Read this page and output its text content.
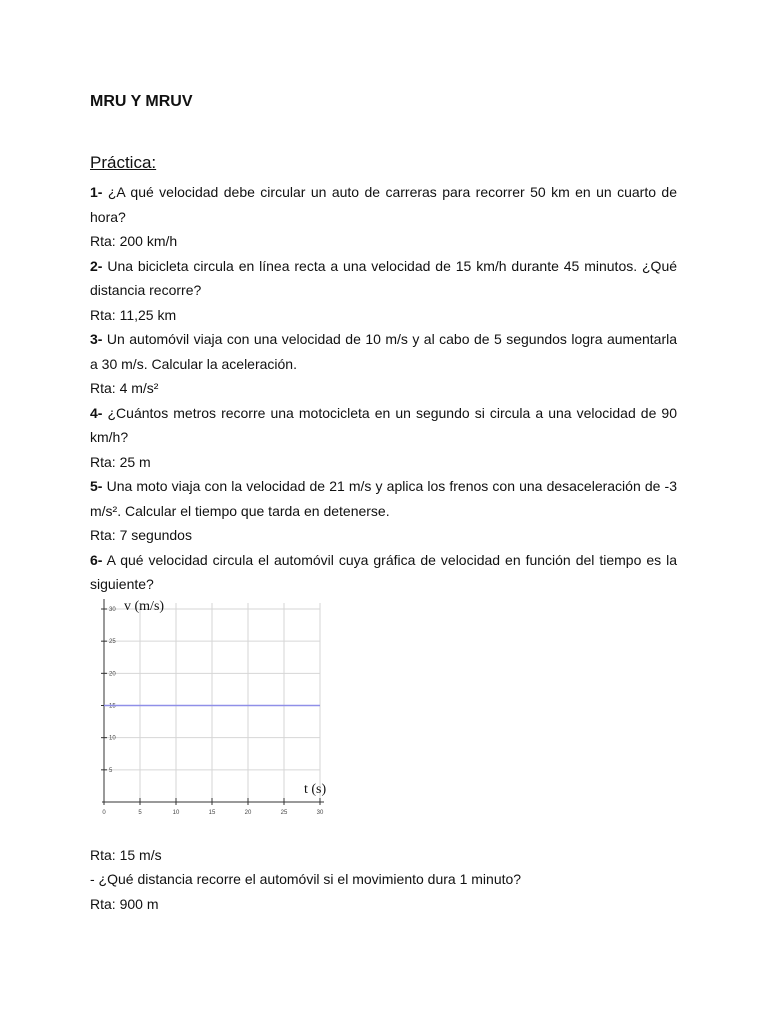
MRU Y MRUV
Práctica:

1- ¿A qué velocidad debe circular un auto de carreras para recorrer 50 km en un cuarto de hora?

Rta: 200 km/h

2- Una bicicleta circula en línea recta a una velocidad de 15 km/h durante 45 minutos. ¿Qué distancia recorre?

Rta: 11,25 km

3- Un automóvil viaja con una velocidad de 10 m/s y al cabo de 5 segundos logra aumentarla a 30 m/s. Calcular la aceleración.

Rta: 4 m/s²

4- ¿Cuántos metros recorre una motocicleta en un segundo si circula a una velocidad de 90 km/h?

Rta: 25 m

5- Una moto viaja con la velocidad de 21 m/s y aplica los frenos con una desaceleración de -3 m/s². Calcular el tiempo que tarda en detenerse.

Rta: 7 segundos

6- A qué velocidad circula el automóvil cuya gráfica de velocidad en función del tiempo es la siguiente?

0	5	10	15	20	25	30
5
10
15
20
25
30 v (m/s)
t (s)

Rta: 15 m/s

- ¿Qué distancia recorre el automóvil si el movimiento dura 1 minuto?

Rta: 900 m
